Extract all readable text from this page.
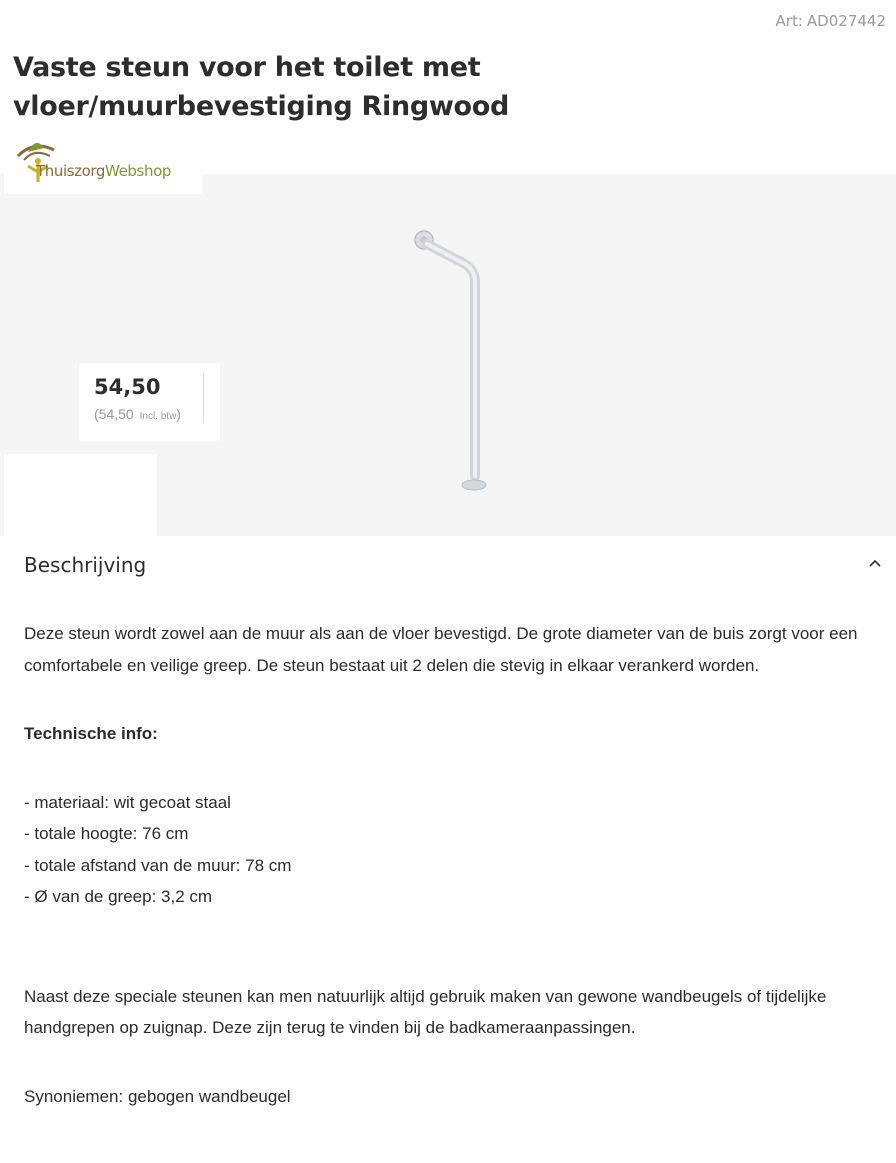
Art: AD027442
Vaste steun voor het toilet met vloer/muurbevestiging Ringwood
ThuiszorgWebshop
54,50
(54,50 Incl. btw)
Beschrijving

Deze steun wordt zowel aan de muur als aan de vloer bevestigd. De grote diameter van de buis zorgt voor een comfortabele en veilige greep. De steun bestaat uit 2 delen die stevig in elkaar verankerd worden.

Technische info:

- materiaal: wit gecoat staal

- totale hoogte: 76 cm

- totale afstand van de muur: 78 cm

- Ø van de greep: 3,2 cm

Naast deze speciale steunen kan men natuurlijk altijd gebruik maken van gewone wandbeugels of tijdelijke handgrepen op zuignap. Deze zijn terug te vinden bij de badkameraanpassingen.

Synoniemen: gebogen wandbeugel
